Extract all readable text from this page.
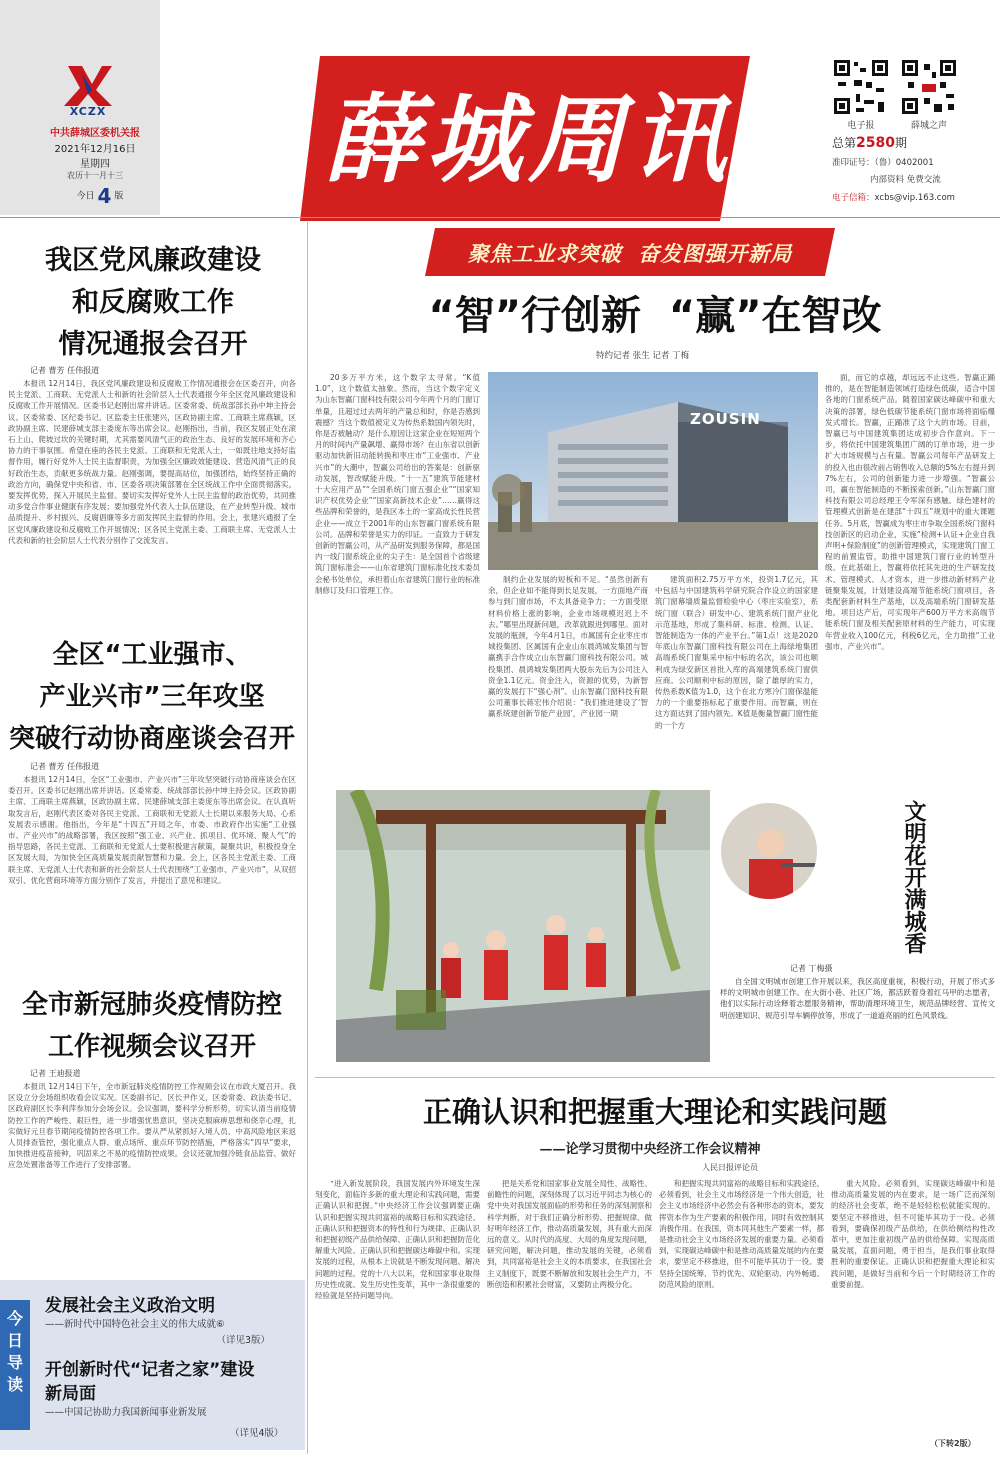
XCZX
中共薛城区委机关报
2021年12月16日
星期四
农历十一月十三
今日 4 版
薛城周讯	电子报	薛城之声
总第2580期
准印证号：（鲁）0402001
内部资料 免费交流
电子信箱：xcbs@vip.163.com
我区党风廉政建设
和反腐败工作
情况通报会召开
记者 曹芳 任伟报道
本报讯 12月14日，我区党风廉政建设和反腐败工作情况通报会在区委召开，向各民主党派、工商联、无党派人士和新的社会阶层人士代表通报今年全区党风廉政建设和反腐败工作开展情况。区委书记赵刚出席并讲话。区委常委、统战部部长孙中坤主持会议。区委常委、区纪委书记、区监委主任张建兴，区政协副主席、工商联主席燕颖，区政协副主席、民建薛城支部主委庞东等出席会议。赵刚指出，当前，我区发展正处在滚石上山、爬坡过坎的关键时期，尤其需要风清气正的政治生态、良好的发展环境和齐心协力的干事氛围。希望在座的各民主党派、工商联和无党派人士，一如既往地支持好监督作用，履行好党外人士民主监督职责，为加强全区廉政效能建设、营造风清气正的良好政治生态，贡献更多统战力量。赵刚强调，要提高站位，加强团结，始终坚持正确的政治方向，确保党中央和省、市、区委各项决策部署在全区统战工作中全面贯彻落实。要发挥优势，探入开展民主监督。要切实发挥好党外人士民主监督的政治优势，共同推动多党合作事业健康有序发展；要加强党外代表人士队伍建设，在产业转型升级、城市品质提升、乡村振兴、反腐倡廉等多方面发挥民主监督的作用。会上，张建兴通报了全区党风廉政建设和反腐败工作开展情况；区各民主党派主委、工商联主席、无党派人士代表和新的社会阶层人士代表分别作了交流发言。
全区“工业强市、
产业兴市”三年攻坚
突破行动协商座谈会召开
记者 曹芳 任伟报道
本报讯 12月14日，全区“工业强市、产业兴市”三年攻坚突破行动协商座谈会在区委召开。区委书记赵刚出席并讲话。区委常委、统战部部长孙中坤主持会议。区政协副主席、工商联主席燕颖，区政协副主席、民建薛城支部主委庞东等出席会议。在认真听取发言后，赵刚代表区委对各民主党派、工商联和无党派人士长期以来服务大局、心系发展表示感谢。他指出，今年是“十四五”开局之年，市委、市政府作出实施“工业强市、产业兴市”的战略部署，我区按照“强工业、兴产业、抓项目、优环境、聚人气”的指导思路，各民主党派、工商联和无党派人士要积极建言献策，凝聚共识，积极投身全区发展大局，为加快全区高质量发展贡献智慧和力量。会上，区各民主党派主委、工商联主席、无党派人士代表和新的社会阶层人士代表围绕“工业强市、产业兴市”，从双招双引、优化营商环境等方面分别作了发言，并提出了意见和建议。
全市新冠肺炎疫情防控
工作视频会议召开
记者 王迪报道
本报讯 12月14日下午，全市新冠肺炎疫情防控工作视频会议在市政大厦召开。我区设立分会场组织收看会议实况。区委副书记、区长尹作义，区委常委、政法委书记、区政府副区长李利萍参加分会场会议。会议强调，要科学分析形势，切实认清当前疫情防控工作的严峻性、艰巨性，进一步增强忧患意识，坚决克服麻痹思想和侥幸心理，扎实做好元旦春节期间疫情防控各项工作。要从严从紧抓好入境人员、中高风险地区来返人员排查管控，强化重点人群、重点场所、重点环节防控措施，严格落实“四早”要求，加快推进疫苗接种，巩固来之不易的疫情防控成果。会议还就加强冷链食品监管、做好应急处置准备等工作进行了安排部署。
今日导读
发展社会主义政治文明
——新时代中国特色社会主义的伟大成就⑥
（详见3版）
开创新时代“记者之家”建设新局面
——中国记协助力我国新闻事业新发展
（详见4版）
聚焦工业求突破  奋发图强开新局
“智”行创新  “赢”在智改
特约记者 张生 记者 丁梅
20多万平方米，这个数字太寻常。“K值1.0”，这个数值太抽象。然而，当这个数字定义为山东智赢门窗科技有限公司今年两个月的门窗订单量，且超过过去两年的产量总和时，你是否感到震撼？当这个数值被定义为传热系数国内领先时，你是否被触动？是什么原因让这家企业在短短两个月的时间内产量飙增、赢得市场？在山东省以创新驱动加快新旧动能转换和枣庄市“工业强市、产业兴市”的大潮中，智赢公司给出的答案是：创新驱动发展，智改赋能升级。“十一五”建筑节能建材十大应用产品”“全国系统门窗五强企业”“国家知识产权优势企业”“国家高新技术企业”……赢得这些品牌和荣誉的，是我区本土的一家高成长性民营企业——成立于2001年的山东智赢门窗系统有限公司。品牌和荣誉是实力的印证。一直致力于研发创新的智赢公司，从产品研发到服务保障，都是国内一线门窗系统企业的尖子生：是全国首个省级建筑门窗标准会——山东省建筑门窗标准化技术委员会秘书处单位，承担着山东省建筑门窗行业的标准制修订及归口管理工作。
ZOUSIN
制约企业发展的短板和不足。“虽然创新有余，但企业如不能得到长足发展，一方面地产商参与到门窗市场，不太具备竞争力；一方面受原材料价格上涨的影响，企业市场规模迟迟上不去。”哪里出现新问题，改革就跟进到哪里。面对发展的瓶颈，今年4月1日，市属国有企业枣庄市城投集团、区属国有企业山东晨鸿城发集团与智赢携手合作成立山东智赢门窗科技有限公司。城投集团、晨鸿城发集团两大股东先后为公司注入资金1.1亿元。资金注入，资源的优势，为新智赢的发展打下“强心剂”。山东智赢门窗科技有限公司董事长蒋宏伟介绍说：“我们推进建设了‘智赢系统建创新节能产业园’，产业园一期
建筑面积2.75万平方米，投资1.7亿元，其中包括与中国建筑科学研究院合作设立的国家建筑门窗幕墙质量监督检验中心（枣庄实验室），系统门窗（联合）研发中心、建筑系统门窗产业化示范基地，形成了集科研、标准、检测、认证、智能制造为一体的产业平台。”第1点！这是2020年底山东智赢门窗科技有限公司在上海绿地集团高端系统门窗集采中标中标的名次，该公司也顺利成为绿安新区首批入库的高端建筑系统门窗供应商。公司顺利中标的原因，除了雄厚的实力，传热系数K值为1.0，这个在北方寒冷门窗保温能力的一个重要指标起了重要作用。而智赢，则在这方面达到了国内领先。K值是衡量智赢门窗性能的一个方
面，而它的卓越，却远远不止这些。智赢正踊推的，是在智能制造领域打造绿色低碳，适合中国各地的门窗系统产品。随着国家碳达峰碳中和重大决策的部署，绿色低碳节能系统门窗市场将面临爆发式增长。智赢，正踊准了这个大的市场。目前，智赢已与中国建筑集团达成初步合作意向。下一步，将依托中国建筑集团广阔的订单市场，进一步扩大市场规模与占有量。智赢公司每年产品研发上的投入也由很改前占销售收入总额的5%左右提升到7%左右，公司的创新能力进一步增强。“智赢公司，赢在智能制造的不断探索创新。”山东智赢门窗科技有限公司总经理王令军深有感触。绿色建材的管理模式创新是在建部“十四五”规划中的重大课题任务。5月底，智赢成为枣庄市争取全国系统门窗科技创新区的启动企业，实施“检测+认证+企业自我声明+保险制度”的创新管理模式，实现建筑门窗工程的前置监管，助推中国建筑门窗行业的转型升级。在此基础上，智赢将依托其先进的生产研发技术、管理模式、人才资本，进一步推动新材料产业链聚集发展，计划建设高端节能系统门窗项目，各类配套新材料生产基地，以及高端系统门窗研发基地。项目达产后，可实现年产600万平方米高端节能系统门窗及相关配套原材料的生产能力，可实现年营业收入100亿元，利税6亿元，全力助推“工业强市、产业兴市”。
文明花开满城香
记者 丁梅摄
自全国文明城市创建工作开展以来，我区高度重视，积极行动，开展了形式多样的文明城市创建工作。在大街小巷、社区广场，都活跃着身着红马甲的志愿者，他们以实际行动诠释着志愿服务精神，帮助清理环境卫生，规范品牌经营、宣传文明创建知识、规范引导车辆停放等，形成了一道道亮丽的红色风景线。
正确认识和把握重大理论和实践问题
——论学习贯彻中央经济工作会议精神
人民日报评论员
“进入新发展阶段，我国发展内外环境发生深刻变化，面临许多新的重大理论和实践问题，需要正确认识和把握。”中央经济工作会议强调要正确认识和把握实现共同富裕的战略目标和实践途径、正确认识和把握资本的特性和行为规律、正确认识和把握初级产品供给保障、正确认识和把握防范化解重大风险、正确认识和把握碳达峰碳中和。实现发展的过程，从根本上说就是不断发现问题、解决问题的过程。党的十八大以来，党和国家事业取得历史性成就、发生历史性变革，其中一条很重要的经验就是坚持问题导向。
把是关系党和国家事业发展全局性、战略性、前瞻性的问题，深刻体现了以习近平同志为核心的党中央对我国发展面临的形势和任务的深刻洞察和科学判断，对于我们正确分析形势、把握规律、做好明年经济工作，推动高质量发展，具有重大而深远的意义。从时代的高度、大局的角度发现问题，研究问题，解决问题，推动发展的关键，必须看到，共同富裕是社会主义的本质要求，在我国社会主义制度下，既要不断解放和发展社会生产力，不断创造和积累社会财富，又要防止两极分化。
和把握实现共同富裕的战略目标和实践途径。必须看到，社会主义市场经济是一个伟大创造，社会主义市场经济中必然会有各种形态的资本，要发挥资本作为生产要素的积极作用，同时有效控制其消极作用。在我国，资本同其他生产要素一样，都是推动社会主义市场经济发展的重要力量。必须看到，实现碳达峰碳中和是推动高质量发展的内在要求，要坚定不移推进，但不可能毕其功于一役。要坚持全国统筹、节约优先、双轮驱动、内外畅通、防范风险的原则。
重大风险。必须看到，实现碳达峰碳中和是推动高质量发展的内在要求，是一场广泛而深刻的经济社会变革，绝不是轻轻松松就能实现的。要坚定不移推进，但不可能毕其功于一役。必须看到，要确保初级产品供给，在供给侧结构性改革中，更加注重初级产品的供给保障。实现高质量发展，直面问题，勇于担当，是我们事业取得胜利的重要保证。正确认识和把握重大理论和实践问题，是做好当前和今后一个时期经济工作的重要前提。
（下转2版）
